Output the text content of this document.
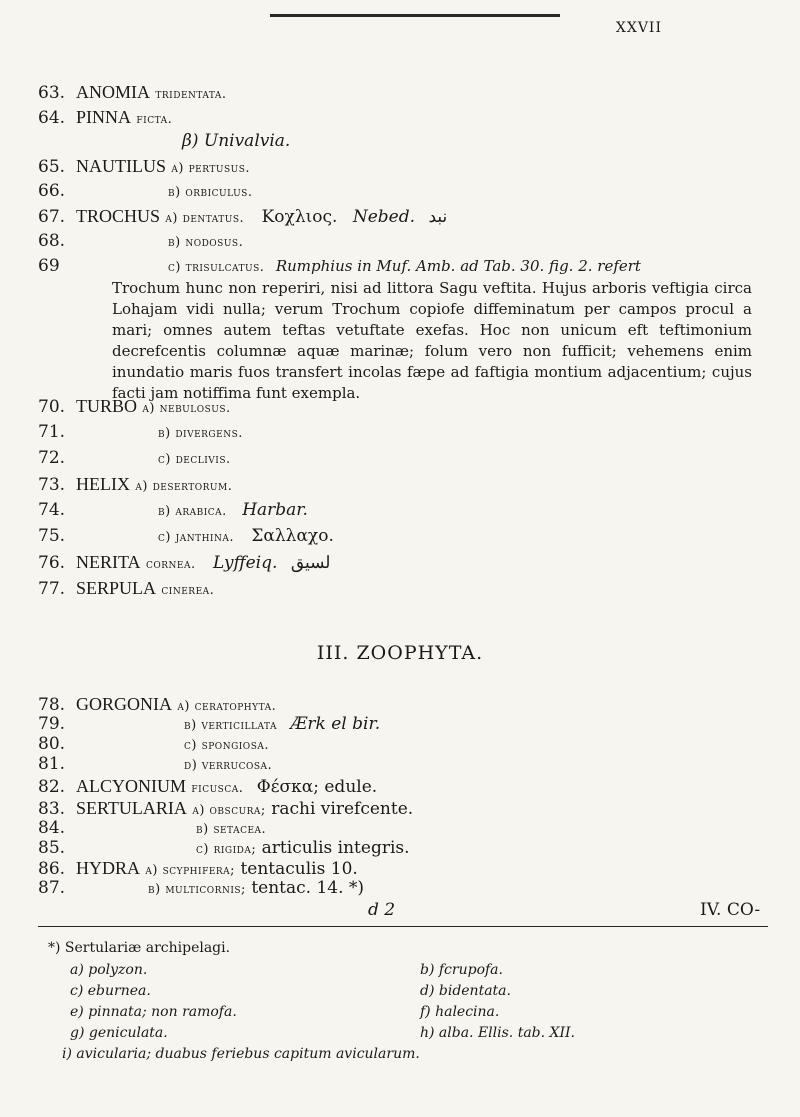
XXVII
63. ANOMIA tridentata.
64. PINNA ficta.
β) Univalvia.
65. NAUTILUS a) pertusus.
66.	b) orbiculus.
67. TROCHUS a) dentatus. Κοχλιος. Nebed. نبد
68.	b) nodosus.
69	c) trisulcatus. Rumphius in Muf. Amb. ad Tab. 30. fig. 2. refert
Trochum hunc non reperiri, nisi ad littora Sagu veftita. Hujus arboris veftigia circa Lohajam vidi nulla; verum Trochum copiofe diffeminatum per campos procul a mari; omnes autem teftas vetuftate exefas. Hoc non unicum eft teftimonium decrefcentis columnæ aquæ marinæ; folum vero non fufficit; vehemens enim inundatio maris fuos transfert incolas fæpe ad faftigia montium adjacentium; cujus facti jam notiffima funt exempla.
70. TURBO a) nebulosus.
71.	b) divergens.
72.	c) declivis.
73. HELIX a) desertorum.
74.	b) arabica. Harbar.
75.	c) janthina. Σαλλαχο.
76. NERITA cornea. Lyffeiq. لسيق
77. SERPULA cinerea.
III. ZOOPHYTA.
78. GORGONIA a) ceratophyta.
79.	b) verticillata Ærk el bir.
80.	c) spongiosa.
81.	d) verrucosa.
82. ALCYONIUM ficusca. Φέσκα; edule.
83. SERTULARIA a) obscura; rachi virefcente.
84.	b) setacea.
85.	c) rigida; articulis integris.
86. HYDRA a) scyphifera; tentaculis 10.
87.	b) multicornis; tentac. 14. *)
d 2	IV. CO-
*) Sertulariæ archipelagi.
a) polyzon.	b) fcrupofa.
c) eburnea.	d) bidentata.
e) pinnata; non ramofa.	f) halecina.
g) geniculata.	h) alba. Ellis. tab. XII.
i) avicularia; duabus feriebus capitum avicularum.
